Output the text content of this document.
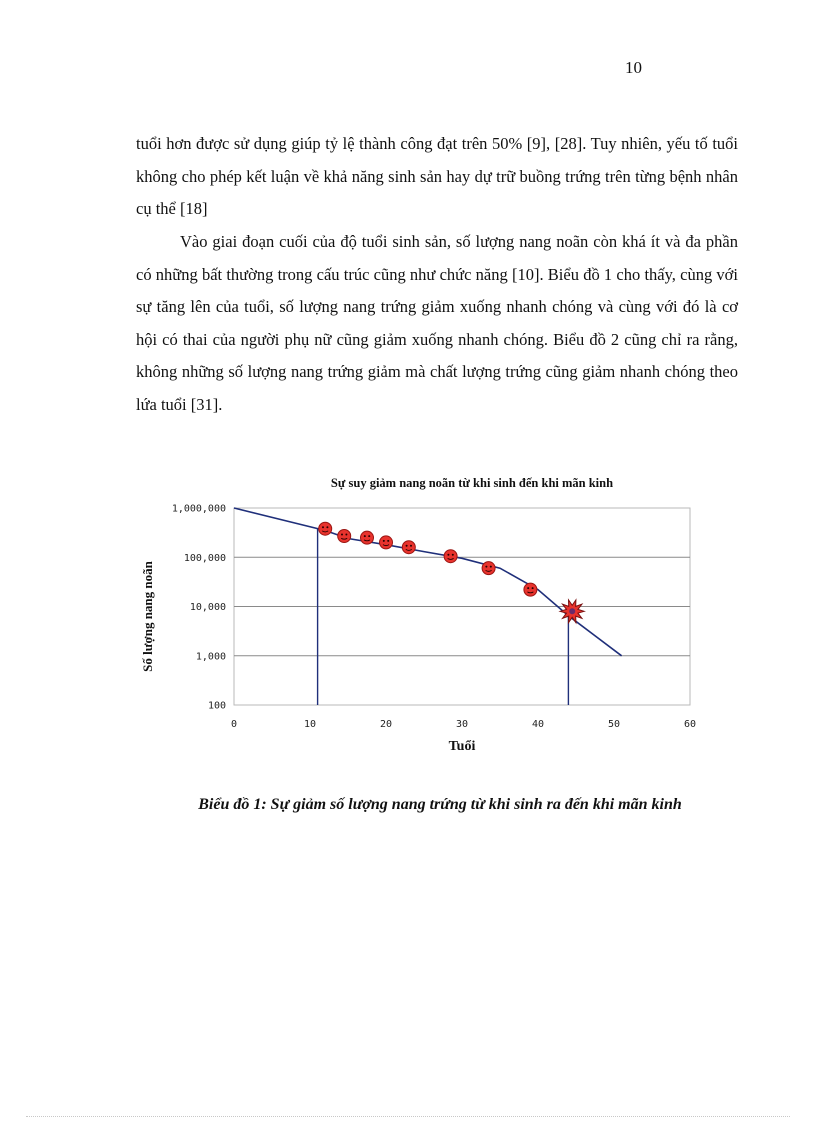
10

tuổi hơn được sử dụng giúp tỷ lệ thành công đạt trên 50% [9], [28]. Tuy nhiên, yếu tố tuổi không cho phép kết luận về khả năng sinh sản hay dự trữ buồng trứng trên từng bệnh nhân cụ thể [18]

Vào giai đoạn cuối của độ tuổi sinh sản, số lượng nang noãn còn khá ít và đa phần có những bất thường trong cấu trúc cũng như chức năng [10]. Biểu đồ 1 cho thấy, cùng với sự tăng lên của tuổi, số lượng nang trứng giảm xuống nhanh chóng và cùng với đó là cơ hội có thai của người phụ nữ cũng giảm xuống nhanh chóng. Biểu đồ 2 cũng chỉ ra rằng, không những số lượng nang trứng giảm mà chất lượng trứng cũng giảm nhanh chóng theo lứa tuổi [31].

Sự suy giảm nang noãn từ khi sinh đến khi mãn kinh
100
1,000
10,000
100,000
1,000,000
0	10	20	30	40	50	60
Tuổi
Số lượng nang noãn
Biểu đồ 1: Sự giảm số lượng nang trứng từ khi sinh ra đến khi mãn kinh
